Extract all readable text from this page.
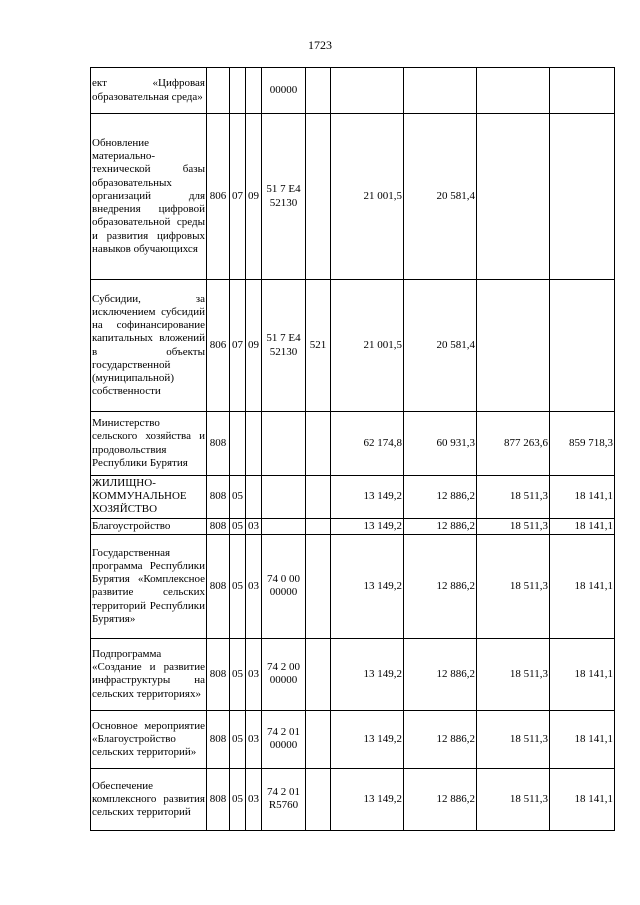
1723
ект «Цифровая образовательная среда»				00000					
Обновление материально-технической базы образовательных организаций для внедрения цифровой образовательной среды и развития цифровых навыков обучающихся	806	07	09	51 7 E4 52130		21 001,5	20 581,4		
Субсидии, за исключением субсидий на софинансирование капитальных вложений в объекты государственной (муниципальной) собственности	806	07	09	51 7 E4 52130	521	21 001,5	20 581,4		
Министерство сельского хозяйства и продовольствия Республики Бурятия	808					62 174,8	60 931,3	877 263,6	859 718,3
ЖИЛИЩНО-КОММУНАЛЬНОЕ ХОЗЯЙСТВО	808	05				13 149,2	12 886,2	18 511,3	18 141,1
Благоустройство	808	05	03			13 149,2	12 886,2	18 511,3	18 141,1
Государственная программа Республики Бурятия «Комплексное развитие сельских территорий Республики Бурятия»	808	05	03	74 0 00 00000		13 149,2	12 886,2	18 511,3	18 141,1
Подпрограмма «Создание и развитие инфраструктуры на сельских территориях»	808	05	03	74 2 00 00000		13 149,2	12 886,2	18 511,3	18 141,1
Основное мероприятие «Благоустройство сельских территорий»	808	05	03	74 2 01 00000		13 149,2	12 886,2	18 511,3	18 141,1
Обеспечение комплексного развития сельских территорий	808	05	03	74 2 01 R5760		13 149,2	12 886,2	18 511,3	18 141,1
